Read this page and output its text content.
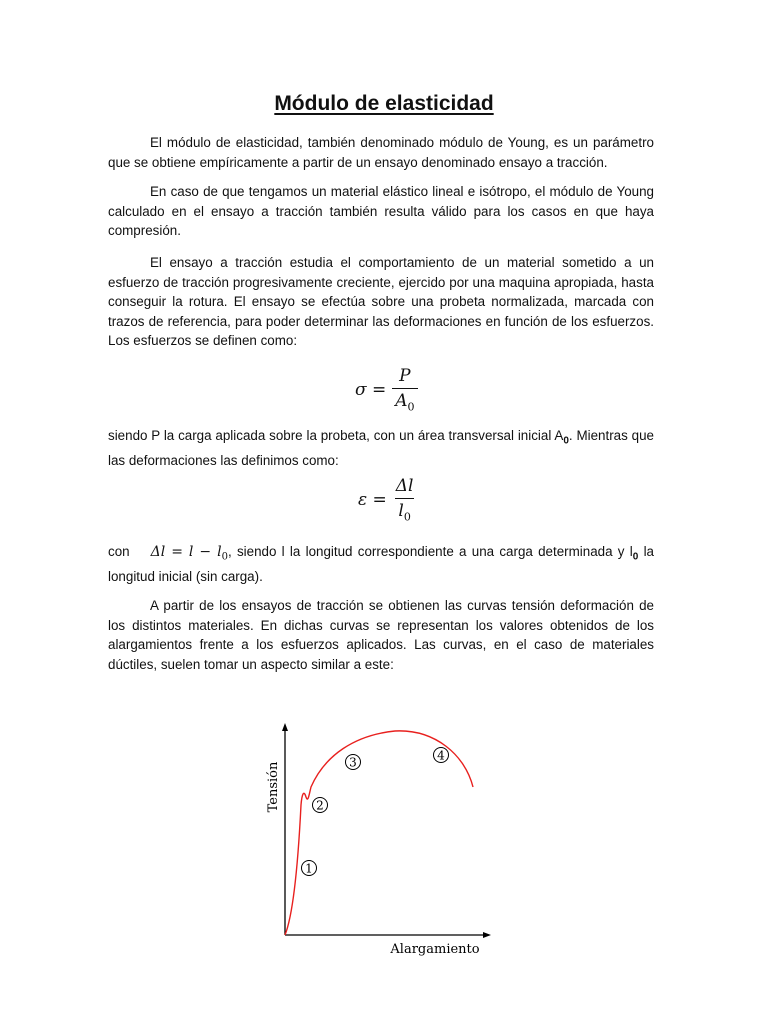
Módulo de elasticidad

El módulo de elasticidad, también denominado módulo de Young, es un parámetro que se obtiene empíricamente a partir de un ensayo denominado ensayo a tracción.

En caso de que tengamos un material elástico lineal e isótropo, el módulo de Young calculado en el ensayo a tracción también resulta válido para los casos en que haya compresión.

El ensayo a tracción estudia el comportamiento de un material sometido a un esfuerzo de tracción progresivamente creciente, ejercido por una maquina apropiada, hasta conseguir la rotura. El ensayo se efectúa sobre una probeta normalizada, marcada con trazos de referencia, para poder determinar las deformaciones en función de los esfuerzos. Los esfuerzos se definen como:

$\sigma = \frac{P}{A_0}$

siendo P la carga aplicada sobre la probeta, con un área transversal inicial $A_0$. Mientras que las deformaciones las definimos como:

$\varepsilon = \frac{\Delta l}{l_0}$

con $\Delta l = l - l_0$, siendo l la longitud correspondiente a una carga determinada y $l_0$ la longitud inicial (sin carga).

A partir de los ensayos de tracción se obtienen las curvas tensión deformación de los distintos materiales. En dichas curvas se representan los valores obtenidos de los alargamientos frente a los esfuerzos aplicados. Las curvas, en el caso de materiales dúctiles, suelen tomar un aspecto similar a este:

1
2
3	4
Tensión
Alargamiento
